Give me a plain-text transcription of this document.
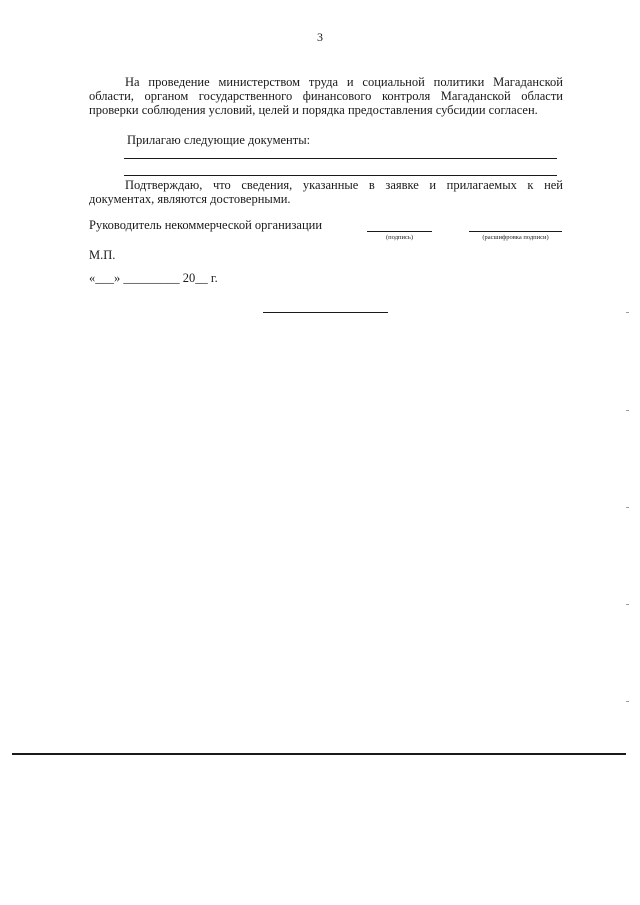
3
На проведение министерством труда и социальной политики Магаданской области, органом государственного финансового контроля Магаданской области проверки соблюдения условий, целей и порядка предоставления субсидии согласен.
Прилагаю следующие документы:
Подтверждаю, что сведения, указанные в заявке и прилагаемых к ней документах, являются достоверными.
Руководитель некоммерческой организации
(подпись)	(расшифровка подписи)
М.П.
«___» _________ 20__ г.
